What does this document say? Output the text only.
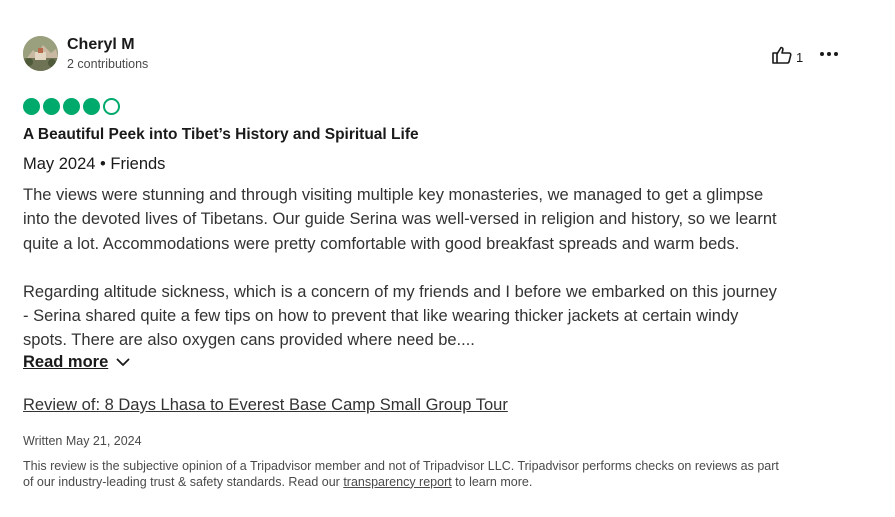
Cheryl M
2 contributions	1
A Beautiful Peek into Tibet’s History and Spiritual Life
May 2024 • Friends

The views were stunning and through visiting multiple key monasteries, we managed to get a glimpse
into the devoted lives of Tibetans. Our guide Serina was well-versed in religion and history, so we learnt
quite a lot. Accommodations were pretty comfortable with good breakfast spreads and warm beds.

Regarding altitude sickness, which is a concern of my friends and I before we embarked on this journey
- Serina shared quite a few tips on how to prevent that like wearing thicker jackets at certain windy
spots. There are also oxygen cans provided where need be....

Read more
Review of: 8 Days Lhasa to Everest Base Camp Small Group Tour
Written May 21, 2024
This review is the subjective opinion of a Tripadvisor member and not of Tripadvisor LLC. Tripadvisor performs checks on reviews as part
of our industry-leading trust & safety standards. Read our transparency report to learn more.
